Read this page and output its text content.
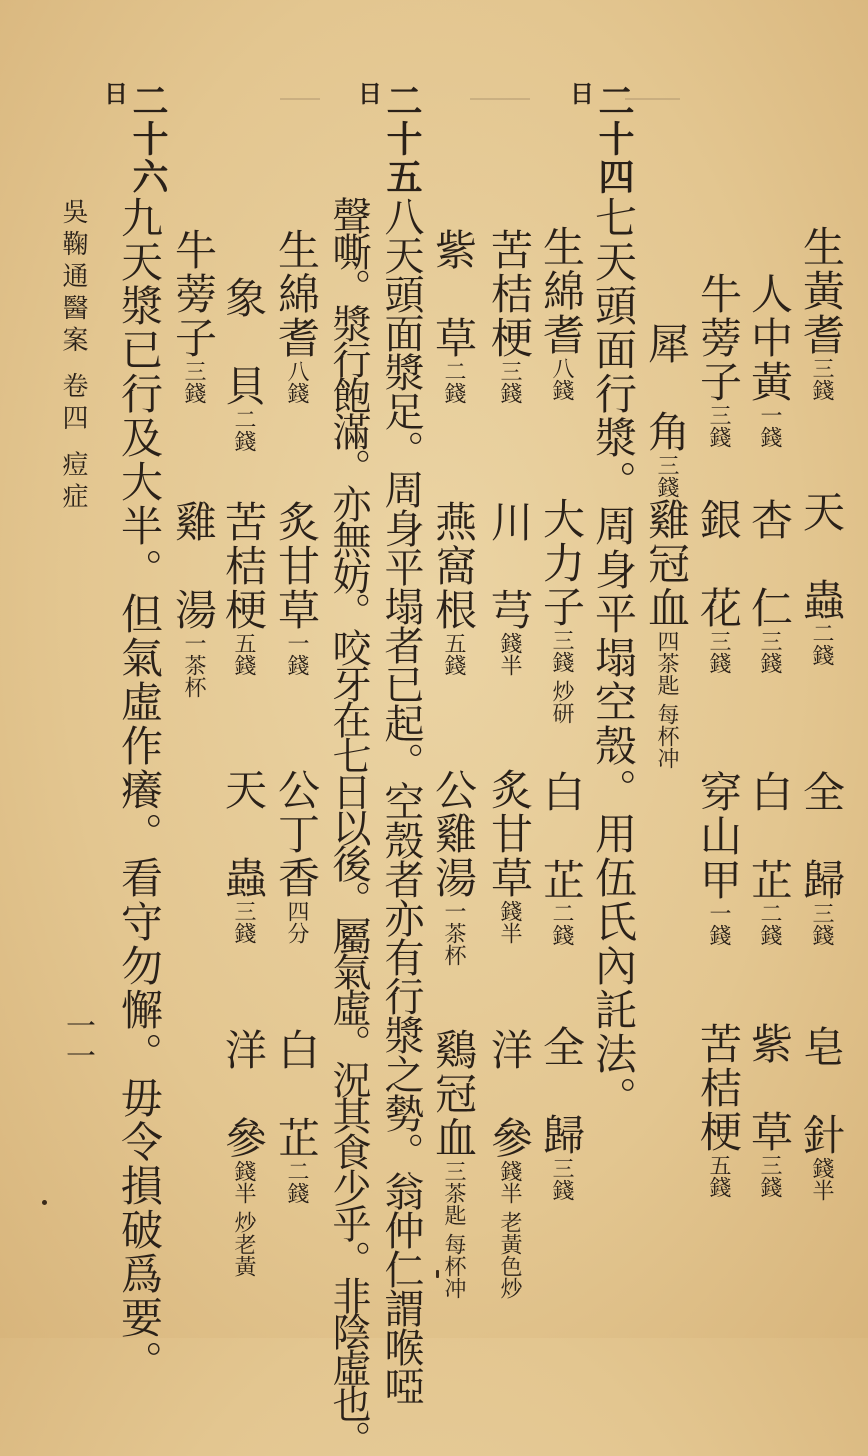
生黃耆三錢
天　蟲二錢
全　歸三錢
皂　針錢半
人中黃一錢
杏　仁三錢
白　芷二錢
紫　草三錢
牛蒡子三錢
銀　花三錢
穿山甲一錢
苦桔梗五錢
犀　角三錢
雞冠血四茶匙 每杯冲
二十四
日
七天頭面行漿。周身平塌空殼。用伍氏內託法。
生綿耆八錢
大力子三錢 炒研
白　芷二錢
全　歸三錢
苦桔梗三錢
川　芎錢半
炙甘草錢半
洋　參錢半 老黃色炒
紫　草二錢
燕窩根五錢
公雞湯一茶杯
鷄冠血三茶匙 每杯冲
二十五
日
八天頭面漿足。周身平塌者已起。空殼者亦有行漿之勢。翁仲仁謂喉啞
聲嘶。漿行飽滿。亦無妨。咬牙在七日以後。屬氣虛。況其食少乎。非陰虛也。
生綿耆八錢
炙甘草一錢
公丁香四分
白　芷二錢
象　貝二錢
苦桔梗五錢
天　蟲三錢
洋　參錢半 炒老黃
牛蒡子三錢
雞　湯一茶杯
二十六
日
九天漿已行及大半。但氣虛作癢。看守勿懈。毋令損破爲要。
吳鞠通醫案 卷四 痘症
一一
